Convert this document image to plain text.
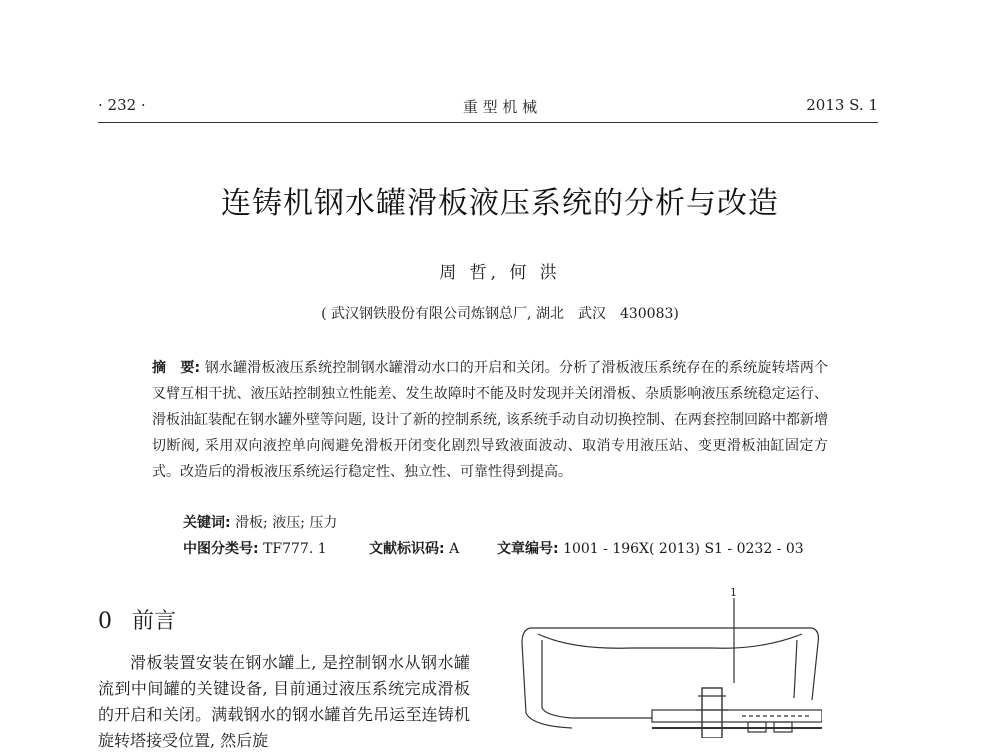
· 232 ·	重 型 机 械	2013 S. 1
连铸机钢水罐滑板液压系统的分析与改造
周 哲, 何 洪
( 武汉钢铁股份有限公司炼钢总厂, 湖北　武汉　430083)
摘　要: 钢水罐滑板液压系统控制钢水罐滑动水口的开启和关闭。分析了滑板液压系统存在的系统旋转塔两个叉臂互相干扰、液压站控制独立性能差、发生故障时不能及时发现并关闭滑板、杂质影响液压系统稳定运行、滑板油缸装配在钢水罐外壁等问题, 设计了新的控制系统, 该系统手动自动切换控制、在两套控制回路中都新增切断阀, 采用双向液控单向阀避免滑板开闭变化剧烈导致液面波动、取消专用液压站、变更滑板油缸固定方式。改造后的滑板液压系统运行稳定性、独立性、可靠性得到提高。
关键词: 滑板; 液压; 压力
中图分类号: TF777. 1	文献标识码: A	文章编号: 1001 - 196X( 2013) S1 - 0232 - 03
0 前言

滑板装置安装在钢水罐上, 是控制钢水从钢水罐流到中间罐的关键设备, 目前通过液压系统完成滑板的开启和关闭。满载钢水的钢水罐首先吊运至连铸机旋转塔接受位置, 然后旋

1
